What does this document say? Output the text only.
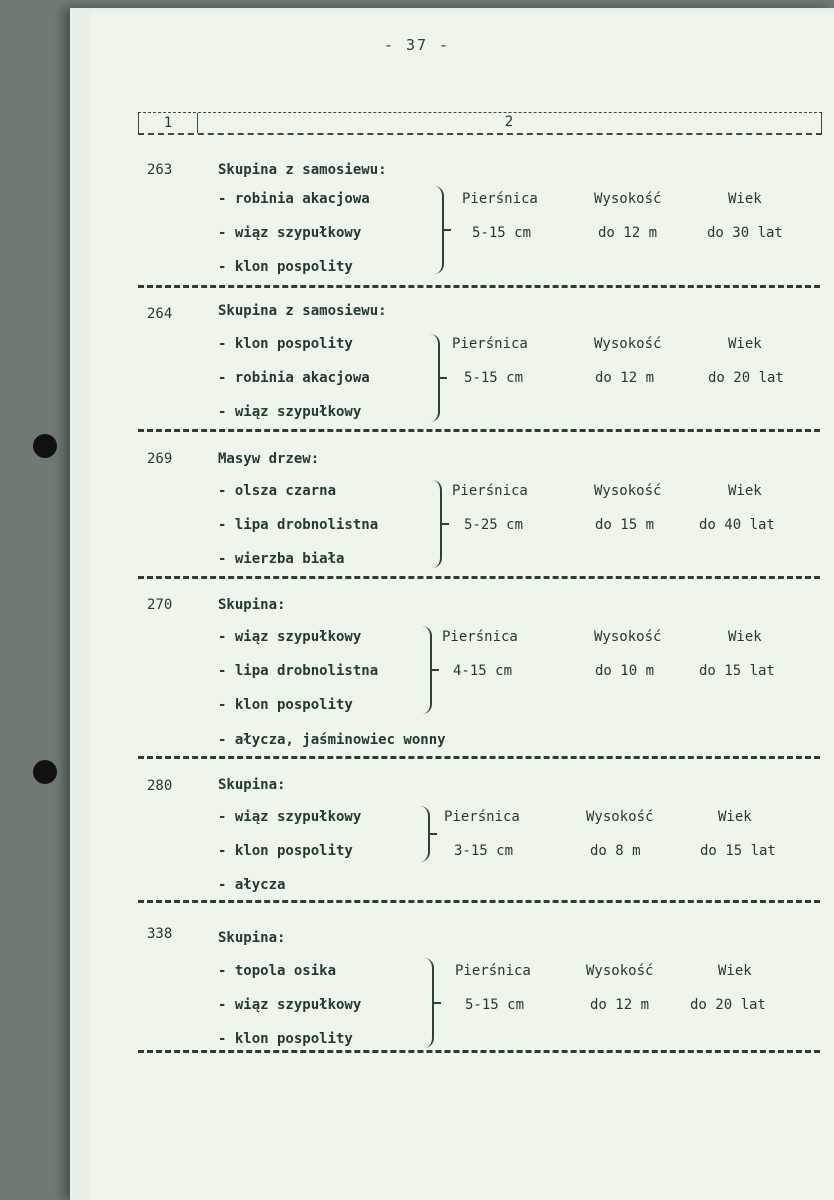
- 37 -
1	2
263	Skupina z samosiewu:
- robinia akacjowa
- wiąz szypułkowy
- klon pospolity
Pierśnica	Wysokość	Wiek
5-15 cm	do 12 m	do 30 lat
264	Skupina z samosiewu:
- klon pospolity
- robinia akacjowa
- wiąz szypułkowy
Pierśnica	Wysokość	Wiek
5-15 cm	do 12 m	do 20 lat
269	Masyw drzew:
- olsza czarna
- lipa drobnolistna
- wierzba biała
Pierśnica	Wysokość	Wiek
5-25 cm	do 15 m	do 40 lat
270	Skupina:
- wiąz szypułkowy
- lipa drobnolistna
- klon pospolity
- ałycza, jaśminowiec wonny
Pierśnica	Wysokość	Wiek
4-15 cm	do 10 m	do 15 lat
280	Skupina:
- wiąz szypułkowy
- klon pospolity
- ałycza
Pierśnica	Wysokość	Wiek
3-15 cm	do 8 m	do 15 lat
338	Skupina:
- topola osika
- wiąz szypułkowy
- klon pospolity
Pierśnica	Wysokość	Wiek
5-15 cm	do 12 m	do 20 lat
